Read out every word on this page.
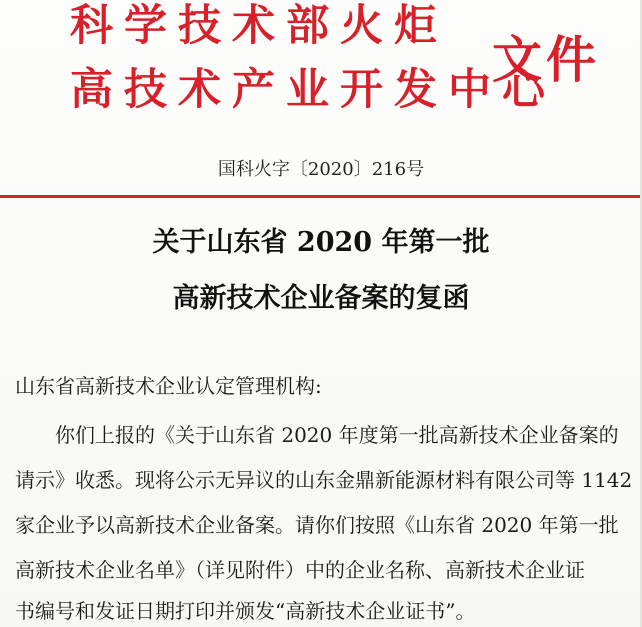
科学技术部火炬
高技术产业开发中心
文件
国科火字〔2020〕216号
关于山东省 2020 年第一批
高新技术企业备案的复函
山东省高新技术企业认定管理机构:
你们上报的《关于山东省 2020 年度第一批高新技术企业备案的
请示》收悉。现将公示无异议的山东金鼎新能源材料有限公司等 1142
家企业予以高新技术企业备案。请你们按照《山东省 2020 年第一批
高新技术企业名单》（详见附件）中的企业名称、高新技术企业证
书编号和发证日期打印并颁发“高新技术企业证书”。
